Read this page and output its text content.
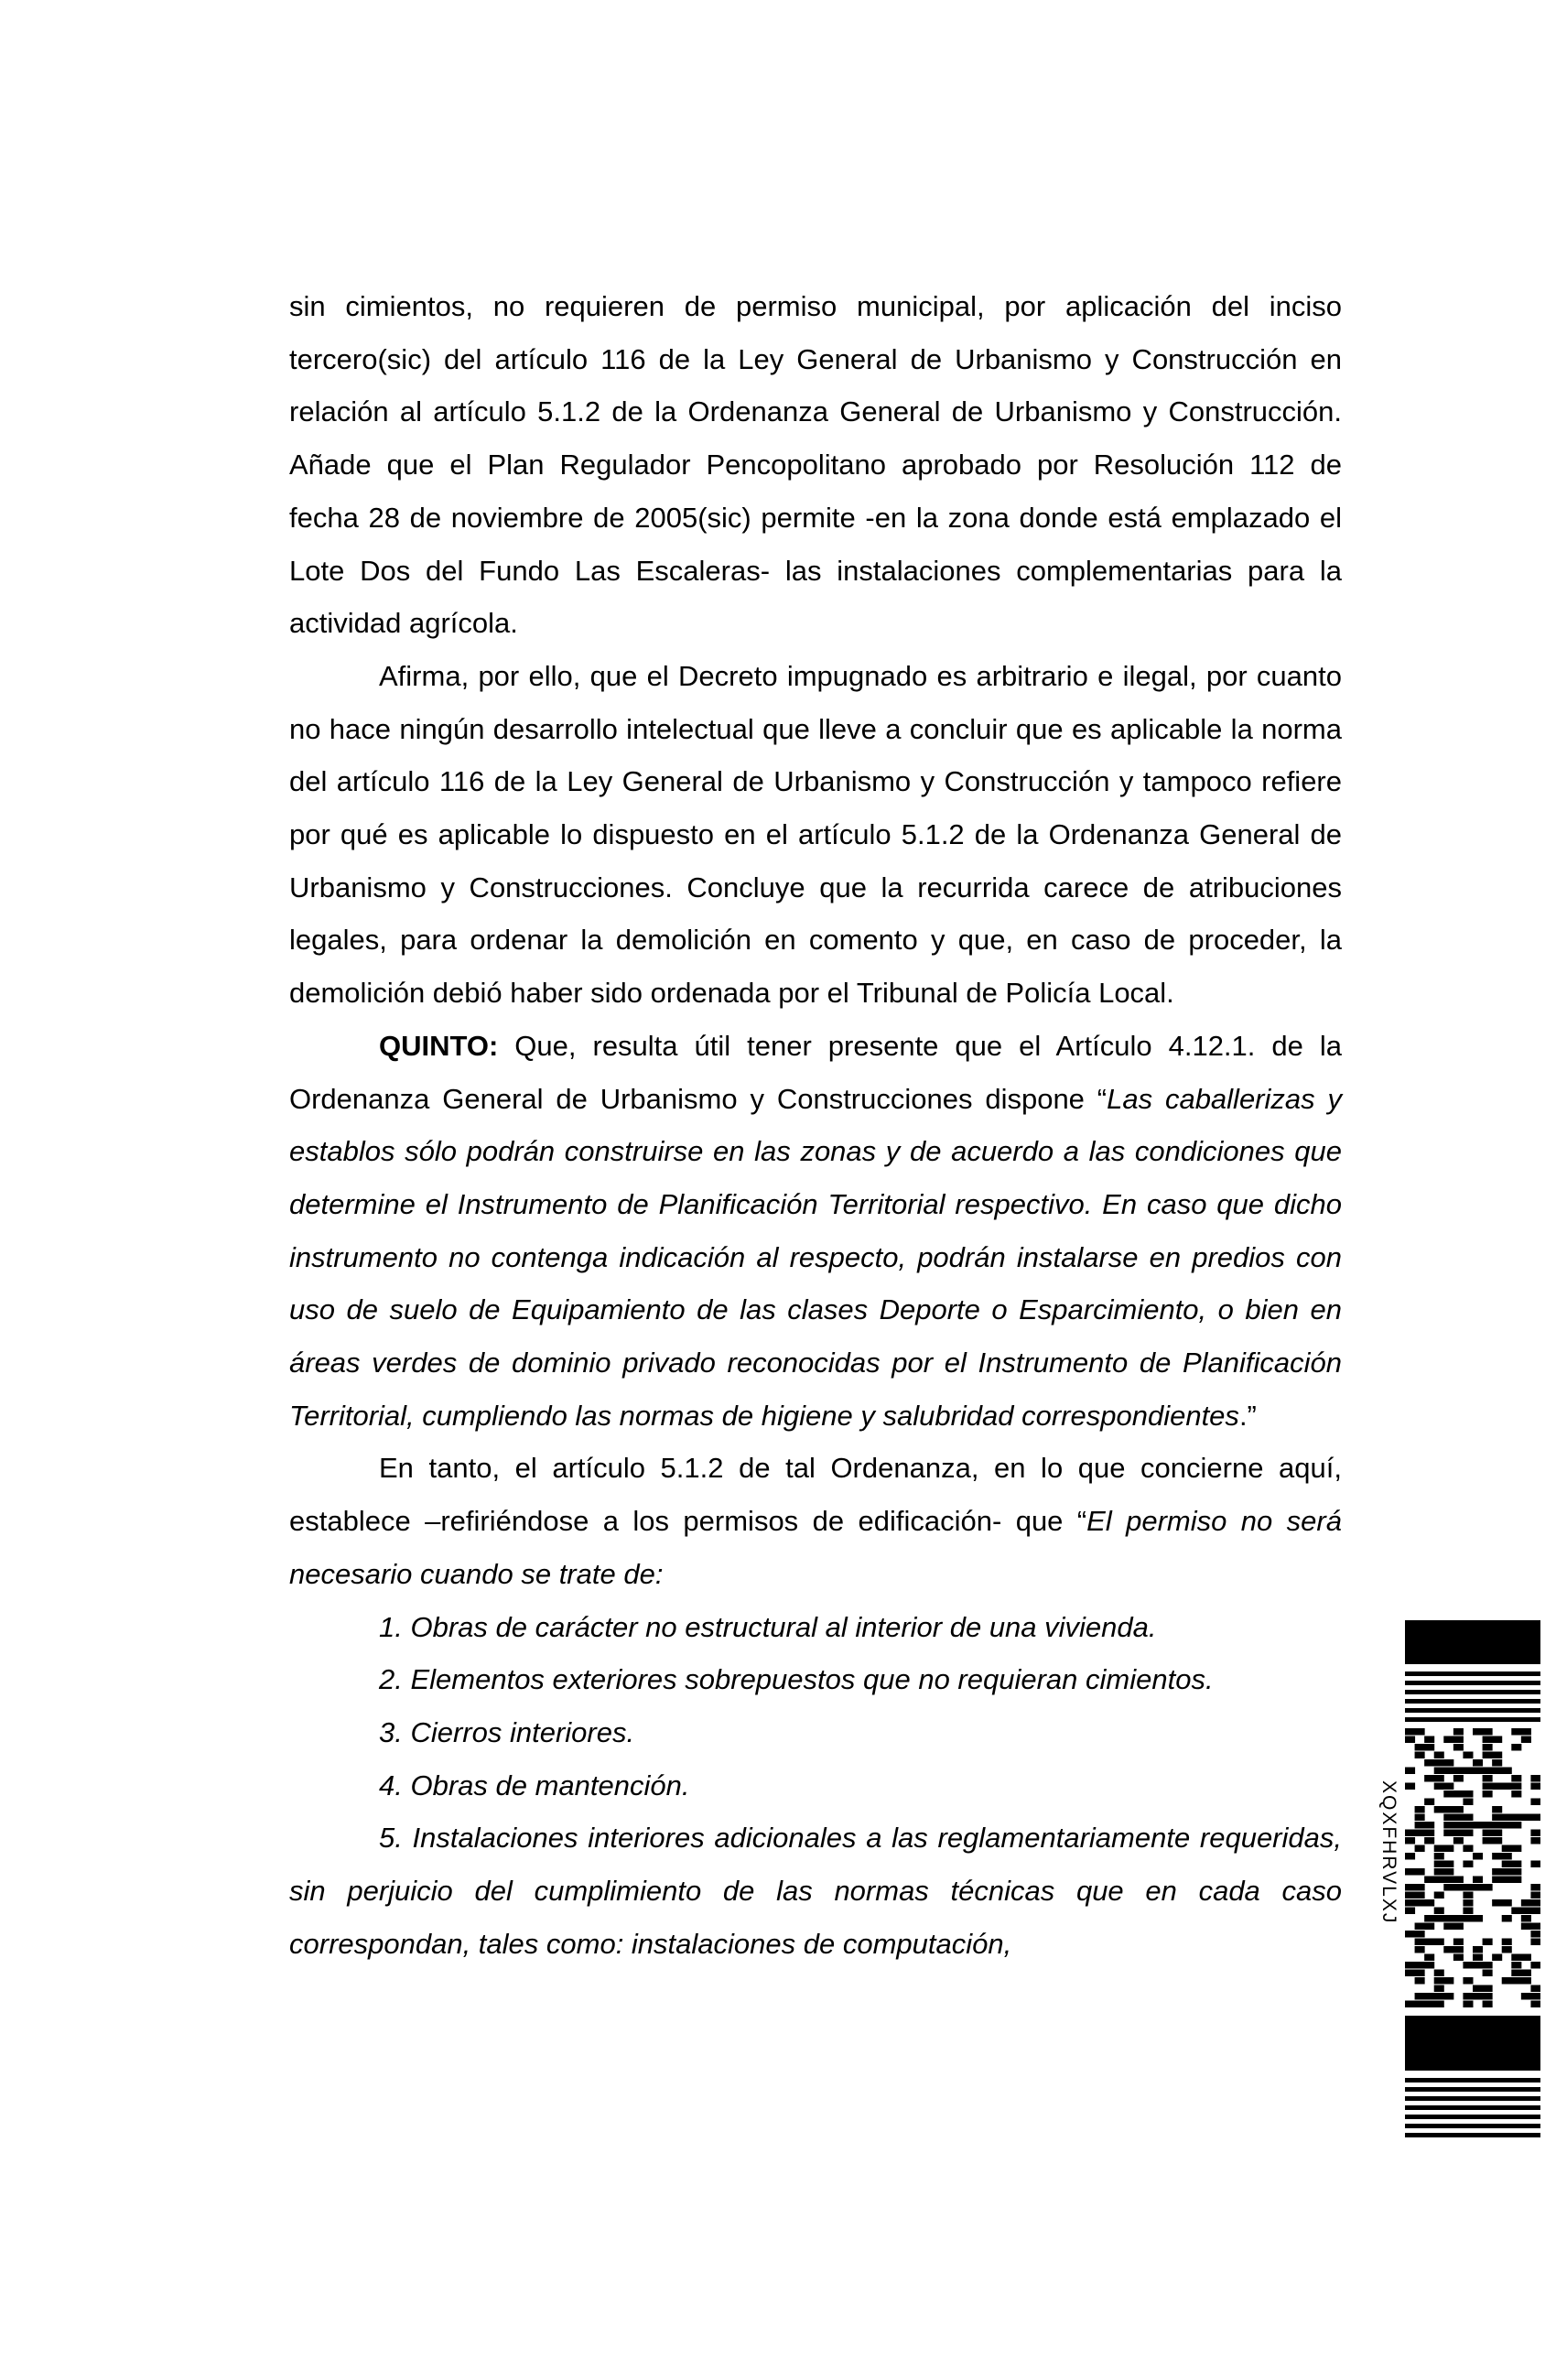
sin cimientos, no requieren de permiso municipal, por aplicación del inciso tercero(sic) del artículo 116 de la Ley General de Urbanismo y Construcción en relación al artículo 5.1.2 de la Ordenanza General de Urbanismo y Construcción. Añade que el Plan Regulador Pencopolitano aprobado por Resolución 112 de fecha 28 de noviembre de 2005(sic) permite -en la zona donde está emplazado el Lote Dos del Fundo Las Escaleras- las instalaciones complementarias para la actividad agrícola.

Afirma, por ello, que el Decreto impugnado es arbitrario e ilegal, por cuanto no hace ningún desarrollo intelectual que lleve a concluir que es aplicable la norma del artículo 116 de la Ley General de Urbanismo y Construcción y tampoco refiere por qué es aplicable lo dispuesto en el artículo 5.1.2 de la Ordenanza General de Urbanismo y Construcciones. Concluye que la recurrida carece de atribuciones legales, para ordenar la demolición en comento y que, en caso de proceder, la demolición debió haber sido ordenada por el Tribunal de Policía Local.

QUINTO: Que, resulta útil tener presente que el Artículo 4.12.1. de la Ordenanza General de Urbanismo y Construcciones dispone “Las caballerizas y establos sólo podrán construirse en las zonas y de acuerdo a las condiciones que determine el Instrumento de Planificación Territorial respectivo. En caso que dicho instrumento no contenga indicación al respecto, podrán instalarse en predios con uso de suelo de Equipamiento de las clases Deporte o Esparcimiento, o bien en áreas verdes de dominio privado reconocidas por el Instrumento de Planificación Territorial, cumpliendo las normas de higiene y salubridad correspondientes.”

En tanto, el artículo 5.1.2 de tal Ordenanza, en lo que concierne aquí, establece –refiriéndose a los permisos de edificación- que “El permiso no será necesario cuando se trate de:

1. Obras de carácter no estructural al interior de una vivienda.

2. Elementos exteriores sobrepuestos que no requieran cimientos.

3. Cierros interiores.

4. Obras de mantención.

5. Instalaciones interiores adicionales a las reglamentariamente requeridas, sin perjuicio del cumplimiento de las normas técnicas que en cada caso correspondan, tales como: instalaciones de computación,

XQXFHRVLXJ
